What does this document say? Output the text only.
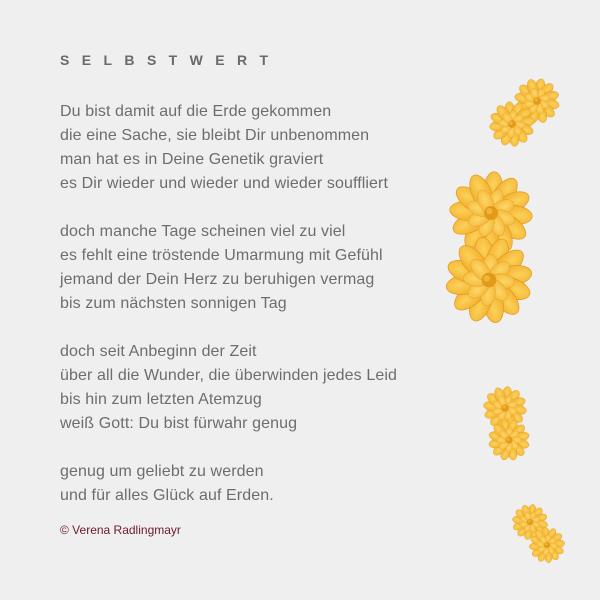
SELBSTWERT
Du bist damit auf die Erde gekommen
die eine Sache, sie bleibt Dir unbenommen
man hat es in Deine Genetik graviert
es Dir wieder und wieder und wieder souffliert
doch manche Tage scheinen viel zu viel
es fehlt eine tröstende Umarmung mit Gefühl
jemand der Dein Herz zu beruhigen vermag
bis zum nächsten sonnigen Tag
doch seit Anbeginn der Zeit
über all die Wunder, die überwinden jedes Leid
bis hin zum letzten Atemzug
weiß Gott: Du bist fürwahr genug
genug um geliebt zu werden
und für alles Glück auf Erden.

© Verena Radlingmayr
